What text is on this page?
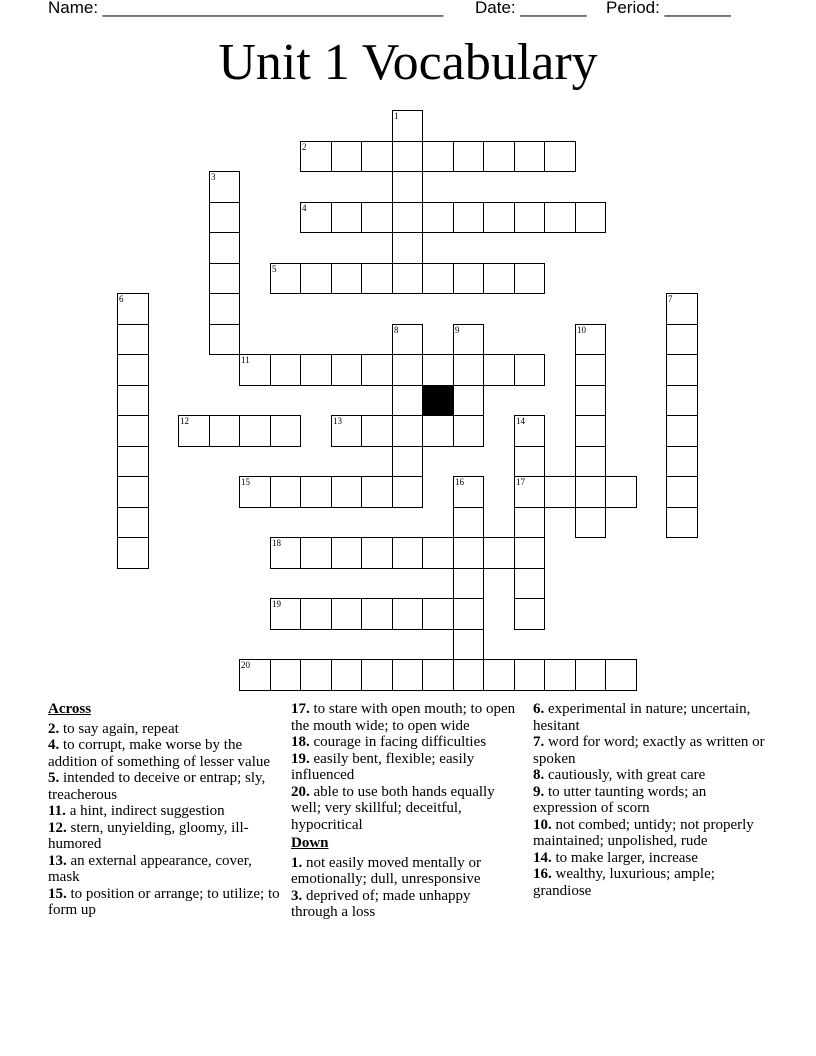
Name: ____________________________________

Date: _______

Period: _______

Unit 1 Vocabulary
2
4
5
11
12	13
15	17
18
19
20
1
3
6	7
8	9	10
14
16
Across
2. to say again, repeat
4. to corrupt, make worse by the addition of something of lesser value
5. intended to deceive or entrap; sly, treacherous
11. a hint, indirect suggestion
12. stern, unyielding, gloomy, ill-humored
13. an external appearance, cover, mask
15. to position or arrange; to utilize; to form up
17. to stare with open mouth; to open the mouth wide; to open wide
18. courage in facing difficulties
19. easily bent, flexible; easily influenced
20. able to use both hands equally well; very skillful; deceitful, hypocritical
Down
1. not easily moved mentally or emotionally; dull, unresponsive
3. deprived of; made unhappy through a loss
6. experimental in nature; uncertain, hesitant
7. word for word; exactly as written or spoken
8. cautiously, with great care
9. to utter taunting words; an expression of scorn
10. not combed; untidy; not properly maintained; unpolished, rude
14. to make larger, increase
16. wealthy, luxurious; ample; grandiose
